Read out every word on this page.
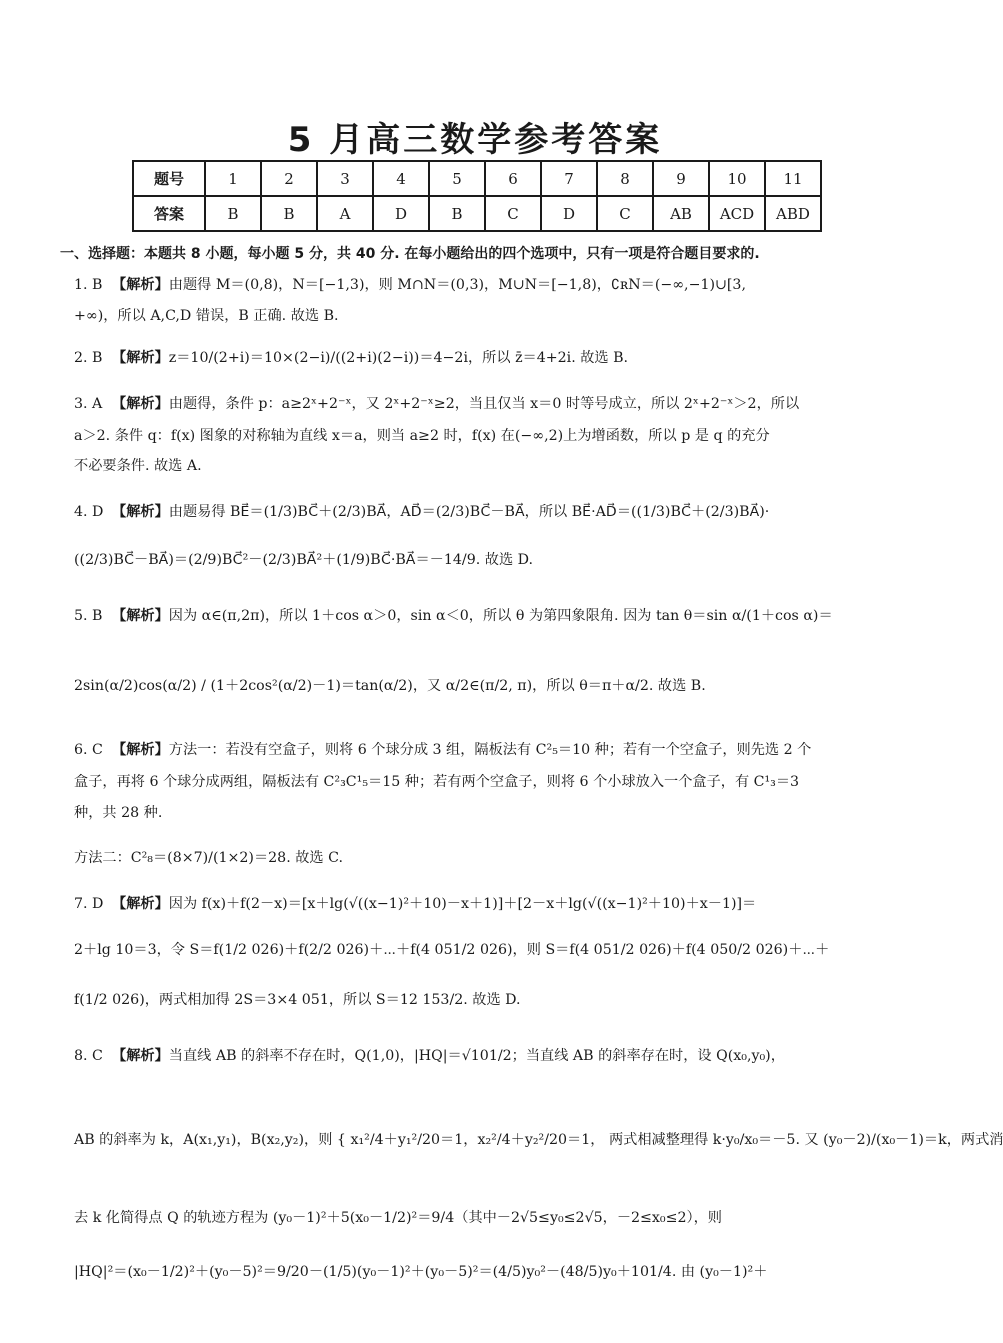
5 月高三数学参考答案
题号	1	2	3	4	5	6	7	8	9	10	11
答案	B	B	A	D	B	C	D	C	AB	ACD	ABD
一、选择题：本题共 8 小题，每小题 5 分，共 40 分. 在每小题给出的四个选项中，只有一项是符合题目要求的.
1. B 【解析】由题得 M＝(0,8)，N＝[−1,3)，则 M∩N＝(0,3)，M∪N＝[−1,8)，∁ʀN＝(−∞,−1)∪[3,
+∞)，所以 A,C,D 错误，B 正确. 故选 B.
2. B 【解析】z＝10/(2+i)＝10×(2−i)/((2+i)(2−i))＝4−2i，所以 z̄＝4+2i. 故选 B.
3. A 【解析】由题得，条件 p：a≥2ˣ+2⁻ˣ，又 2ˣ+2⁻ˣ≥2，当且仅当 x＝0 时等号成立，所以 2ˣ+2⁻ˣ＞2，所以
a＞2. 条件 q：f(x) 图象的对称轴为直线 x＝a，则当 a≥2 时，f(x) 在(−∞,2)上为增函数，所以 p 是 q 的充分
不必要条件. 故选 A.
4. D 【解析】由题易得 BE⃗＝(1/3)BC⃗＋(2/3)BA⃗，AD⃗＝(2/3)BC⃗－BA⃗，所以 BE⃗·AD⃗＝((1/3)BC⃗＋(2/3)BA⃗)·
((2/3)BC⃗－BA⃗)＝(2/9)BC⃗²－(2/3)BA⃗²＋(1/9)BC⃗·BA⃗＝－14/9. 故选 D.
5. B 【解析】因为 α∈(π,2π)，所以 1＋cos α＞0，sin α＜0，所以 θ 为第四象限角. 因为 tan θ＝sin α/(1＋cos α)＝
2sin(α/2)cos(α/2) / (1＋2cos²(α/2)－1)＝tan(α/2)，又 α/2∈(π/2, π)，所以 θ＝π＋α/2. 故选 B.
6. C 【解析】方法一：若没有空盒子，则将 6 个球分成 3 组，隔板法有 C²₅＝10 种；若有一个空盒子，则先选 2 个
盒子，再将 6 个球分成两组，隔板法有 C²₃C¹₅＝15 种；若有两个空盒子，则将 6 个小球放入一个盒子，有 C¹₃＝3
种，共 28 种.
方法二：C²₈＝(8×7)/(1×2)＝28. 故选 C.
7. D 【解析】因为 f(x)＋f(2－x)＝[x＋lg(√((x−1)²＋10)－x＋1)]＋[2－x＋lg(√((x−1)²＋10)＋x－1)]＝
2＋lg 10＝3，令 S＝f(1/2 026)＋f(2/2 026)＋⋯＋f(4 051/2 026)，则 S＝f(4 051/2 026)＋f(4 050/2 026)＋⋯＋
f(1/2 026)，两式相加得 2S＝3×4 051，所以 S＝12 153/2. 故选 D.
8. C 【解析】当直线 AB 的斜率不存在时，Q(1,0)，|HQ|＝√101/2；当直线 AB 的斜率存在时，设 Q(x₀,y₀)，
AB 的斜率为 k，A(x₁,y₁)，B(x₂,y₂)，则 { x₁²/4＋y₁²/20＝1，x₂²/4＋y₂²/20＝1， 两式相减整理得 k·y₀/x₀＝－5. 又 (y₀－2)/(x₀－1)＝k，两式消
去 k 化简得点 Q 的轨迹方程为 (y₀－1)²＋5(x₀－1/2)²＝9/4（其中－2√5≤y₀≤2√5，－2≤x₀≤2），则
|HQ|²＝(x₀－1/2)²＋(y₀－5)²＝9/20－(1/5)(y₀－1)²＋(y₀－5)²＝(4/5)y₀²－(48/5)y₀＋101/4. 由 (y₀－1)²＋
